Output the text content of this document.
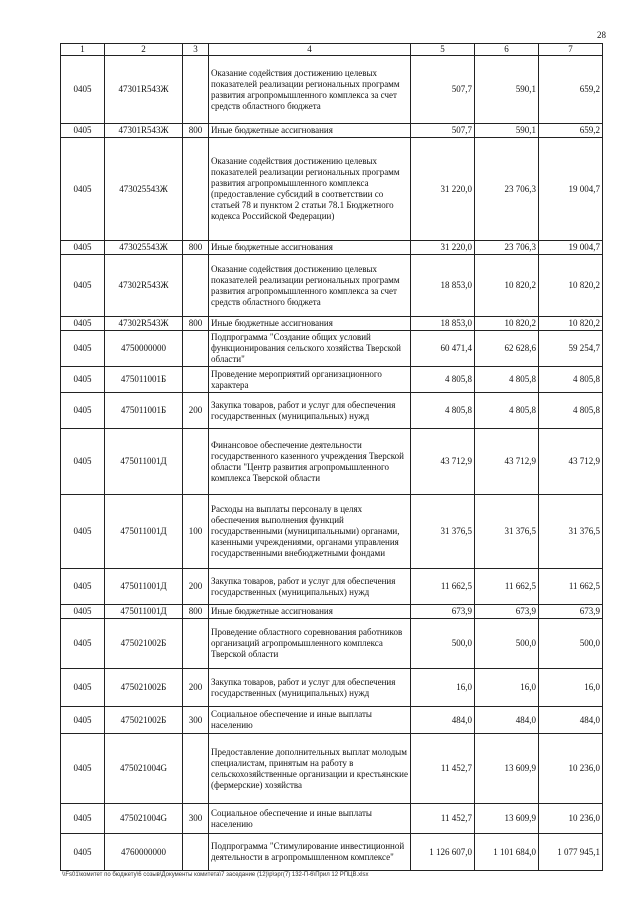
28
1	2	3	4	5	6	7
0405	47301R543Ж		Оказание содействия достижению целевых показателей реализации региональных программ развития агропромышленного комплекса за счет средств областного бюджета	507,7	590,1	659,2
0405	47301R543Ж	800	Иные бюджетные ассигнования	507,7	590,1	659,2
0405	473025543Ж		Оказание содействия достижению целевых показателей реализации региональных программ развития агропромышленного комплекса (предоставление субсидий в соответствии со статьей 78 и пунктом 2 статьи 78.1 Бюджетного кодекса Российской Федерации)	31 220,0	23 706,3	19 004,7
0405	473025543Ж	800	Иные бюджетные ассигнования	31 220,0	23 706,3	19 004,7
0405	47302R543Ж		Оказание содействия достижению целевых показателей реализации региональных программ развития агропромышленного комплекса за счет средств областного бюджета	18 853,0	10 820,2	10 820,2
0405	47302R543Ж	800	Иные бюджетные ассигнования	18 853,0	10 820,2	10 820,2
0405	4750000000		Подпрограмма "Создание общих условий функционирования сельского хозяйства Тверской области"	60 471,4	62 628,6	59 254,7
0405	475011001Б		Проведение мероприятий организационного характера	4 805,8	4 805,8	4 805,8
0405	475011001Б	200	Закупка товаров, работ и услуг для обеспечения государственных (муниципальных) нужд	4 805,8	4 805,8	4 805,8
0405	475011001Д		Финансовое обеспечение деятельности государственного казенного учреждения Тверской области "Центр развития агропромышленного комплекса Тверской области	43 712,9	43 712,9	43 712,9
0405	475011001Д	100	Расходы на выплаты персоналу в целях обеспечения выполнения функций государственными (муниципальными) органами, казенными учреждениями, органами управления государственными внебюджетными фондами	31 376,5	31 376,5	31 376,5
0405	475011001Д	200	Закупка товаров, работ и услуг для обеспечения государственных (муниципальных) нужд	11 662,5	11 662,5	11 662,5
0405	475011001Д	800	Иные бюджетные ассигнования	673,9	673,9	673,9
0405	475021002Б		Проведение областного соревнования работников организаций агропромышленного комплекса Тверской области	500,0	500,0	500,0
0405	475021002Б	200	Закупка товаров, работ и услуг для обеспечения государственных (муниципальных) нужд	16,0	16,0	16,0
0405	475021002Б	300	Социальное обеспечение и иные выплаты населению	484,0	484,0	484,0
0405	475021004G		Предоставление дополнительных выплат молодым специалистам, принятым на работу в сельскохозяйственные организации и крестьянские (фермерские) хозяйства	11 452,7	13 609,9	10 236,0
0405	475021004G	300	Социальное обеспечение и иные выплаты населению	11 452,7	13 609,9	10 236,0
0405	4760000000		Подпрограмма "Стимулирование инвестиционной деятельности в агропромышленном комплексе"	1 126 607,0	1 101 684,0	1 077 945,1
\\Fs01\комитет по бюджету\6 созыв\Документы комитета\7 заседание (12)\р\эрг(7) 132-П-6\Прил 12 РПЦВ.xlsx
